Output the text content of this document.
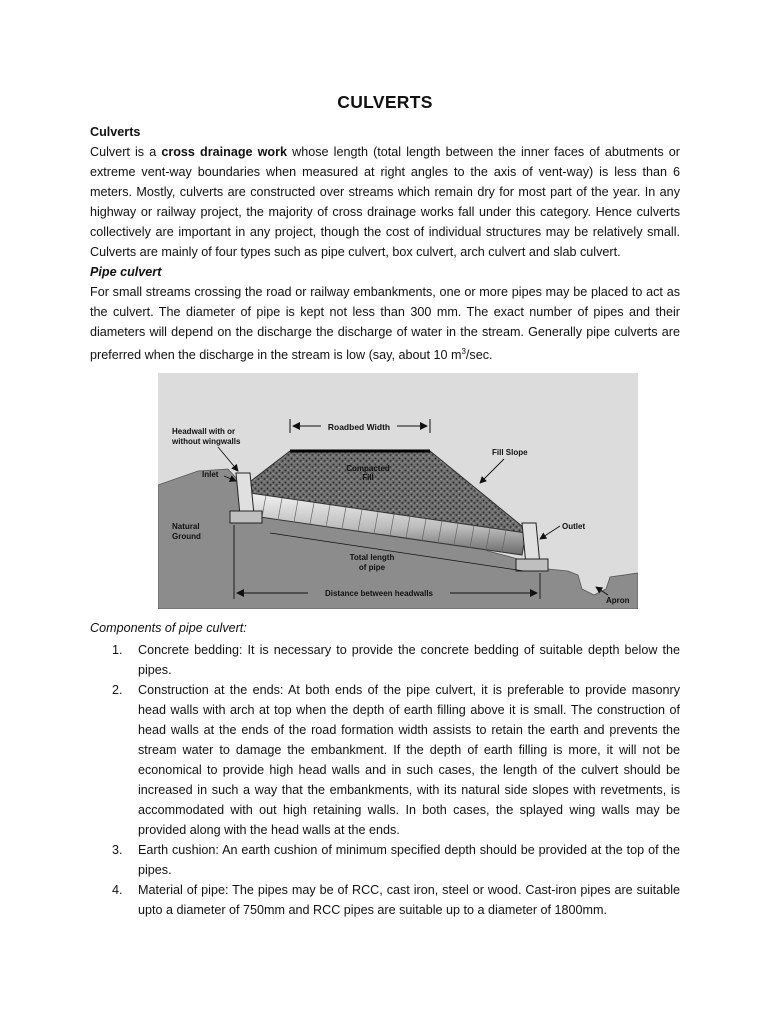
CULVERTS

Culverts

Culvert is a cross drainage work whose length (total length between the inner faces of abutments or extreme vent-way boundaries when measured at right angles to the axis of vent-way) is less than 6 meters. Mostly, culverts are constructed over streams which remain dry for most part of the year. In any highway or railway project, the majority of cross drainage works fall under this category. Hence culverts collectively are important in any project, though the cost of individual structures may be relatively small. Culverts are mainly of four types such as pipe culvert, box culvert, arch culvert and slab culvert.

Pipe culvert

For small streams crossing the road or railway embankments, one or more pipes may be placed to act as the culvert. The diameter of pipe is kept not less than 300 mm. The exact number of pipes and their diameters will depend on the discharge the discharge of water in the stream. Generally pipe culverts are preferred when the discharge in the stream is low (say, about 10 $m^3/\sec$.

Roadbed Width
Headwall with or
without wingwalls
Fill Slope
Inlet
Compacted
Fill
Outlet
Natural
Ground
Total length
of pipe
Distance between headwalls
Apron

Components of pipe culvert:

1. Concrete bedding: It is necessary to provide the concrete bedding of suitable depth below the pipes.
2. Construction at the ends: At both ends of the pipe culvert, it is preferable to provide masonry head walls with arch at top when the depth of earth filling above it is small. The construction of head walls at the ends of the road formation width assists to retain the earth and prevents the stream water to damage the embankment. If the depth of earth filling is more, it will not be economical to provide high head walls and in such cases, the length of the culvert should be increased in such a way that the embankments, with its natural side slopes with revetments, is accommodated with out high retaining walls. In both cases, the splayed wing walls may be provided along with the head walls at the ends.
3. Earth cushion: An earth cushion of minimum specified depth should be provided at the top of the pipes.
4. Material of pipe: The pipes may be of RCC, cast iron, steel or wood. Cast-iron pipes are suitable upto a diameter of 750mm and RCC pipes are suitable up to a diameter of 1800mm.
